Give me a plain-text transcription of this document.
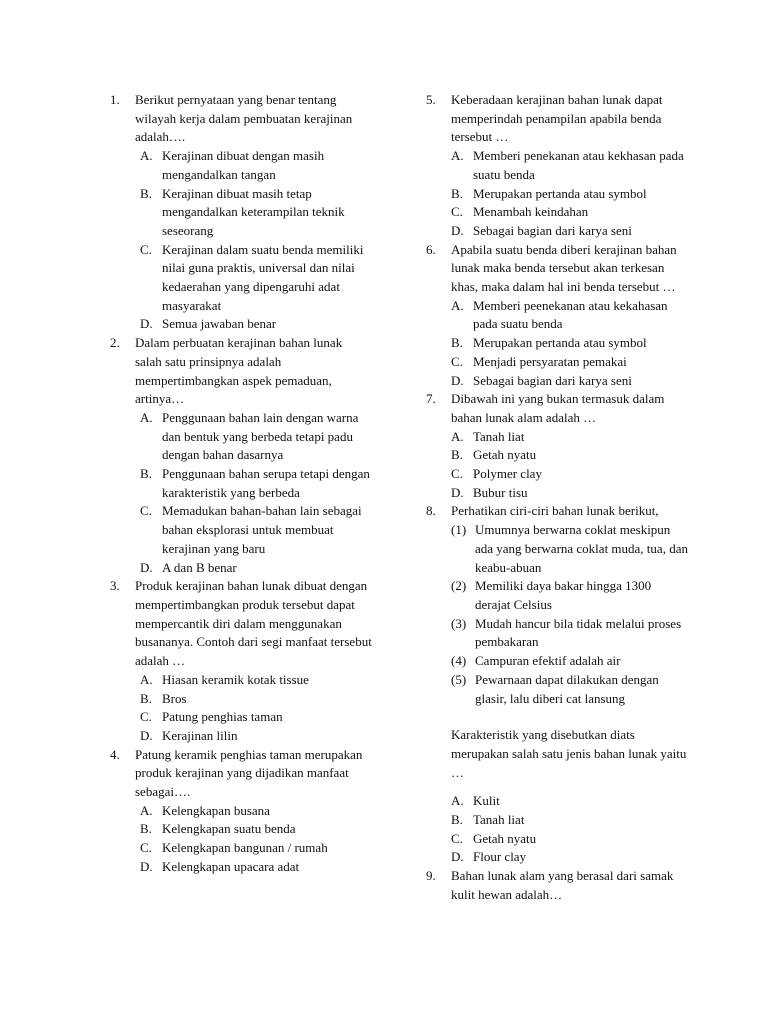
1. Berikut pernyataan yang benar tentang wilayah kerja dalam pembuatan kerajinan adalah….
A. Kerajinan dibuat dengan masih mengandalkan tangan
B. Kerajinan dibuat masih tetap mengandalkan keterampilan teknik seseorang
C. Kerajinan dalam suatu benda memiliki nilai guna praktis, universal dan nilai kedaerahan yang dipengaruhi adat masyarakat
D. Semua jawaban benar
2. Dalam perbuatan kerajinan bahan lunak salah satu prinsipnya adalah mempertimbangkan aspek pemaduan, artinya…
A. Penggunaan bahan lain dengan warna dan bentuk yang berbeda tetapi padu dengan bahan dasarnya
B. Penggunaan bahan serupa tetapi dengan karakteristik yang berbeda
C. Memadukan bahan-bahan lain sebagai bahan eksplorasi untuk membuat kerajinan yang baru
D. A dan B benar
3. Produk kerajinan bahan lunak dibuat dengan mempertimbangkan produk tersebut dapat mempercantik diri dalam menggunakan busananya. Contoh dari segi manfaat tersebut adalah …
A. Hiasan keramik kotak tissue
B. Bros
C. Patung penghias taman
D. Kerajinan lilin
4. Patung keramik penghias taman merupakan produk kerajinan yang dijadikan manfaat sebagai….
A. Kelengkapan busana
B. Kelengkapan suatu benda
C. Kelengkapan bangunan / rumah
D. Kelengkapan upacara adat
5. Keberadaan kerajinan bahan lunak dapat memperindah penampilan apabila benda tersebut …
A. Memberi penekanan atau kekhasan pada suatu benda
B. Merupakan pertanda atau symbol
C. Menambah keindahan
D. Sebagai bagian dari karya seni
6. Apabila suatu benda diberi kerajinan bahan lunak maka benda tersebut akan terkesan khas, maka dalam hal ini benda tersebut …
A. Memberi peenekanan atau kekahasan pada suatu benda
B. Merupakan pertanda atau symbol
C. Menjadi persyaratan pemakai
D. Sebagai bagian dari karya seni
7. Dibawah ini yang bukan termasuk dalam bahan lunak alam adalah …
A. Tanah liat
B. Getah nyatu
C. Polymer clay
D. Bubur tisu
8. Perhatikan ciri-ciri bahan lunak berikut,
(1) Umumnya berwarna coklat meskipun ada yang berwarna coklat muda, tua, dan keabu-abuan
(2) Memiliki daya bakar hingga 1300 derajat Celsius
(3) Mudah hancur bila tidak melalui proses pembakaran
(4) Campuran efektif adalah air
(5) Pewarnaan dapat dilakukan dengan glasir, lalu diberi cat lansung
Karakteristik yang disebutkan diats merupakan salah satu jenis bahan lunak yaitu …
A. Kulit
B. Tanah liat
C. Getah nyatu
D. Flour clay
9. Bahan lunak alam yang berasal dari samak kulit hewan adalah…
